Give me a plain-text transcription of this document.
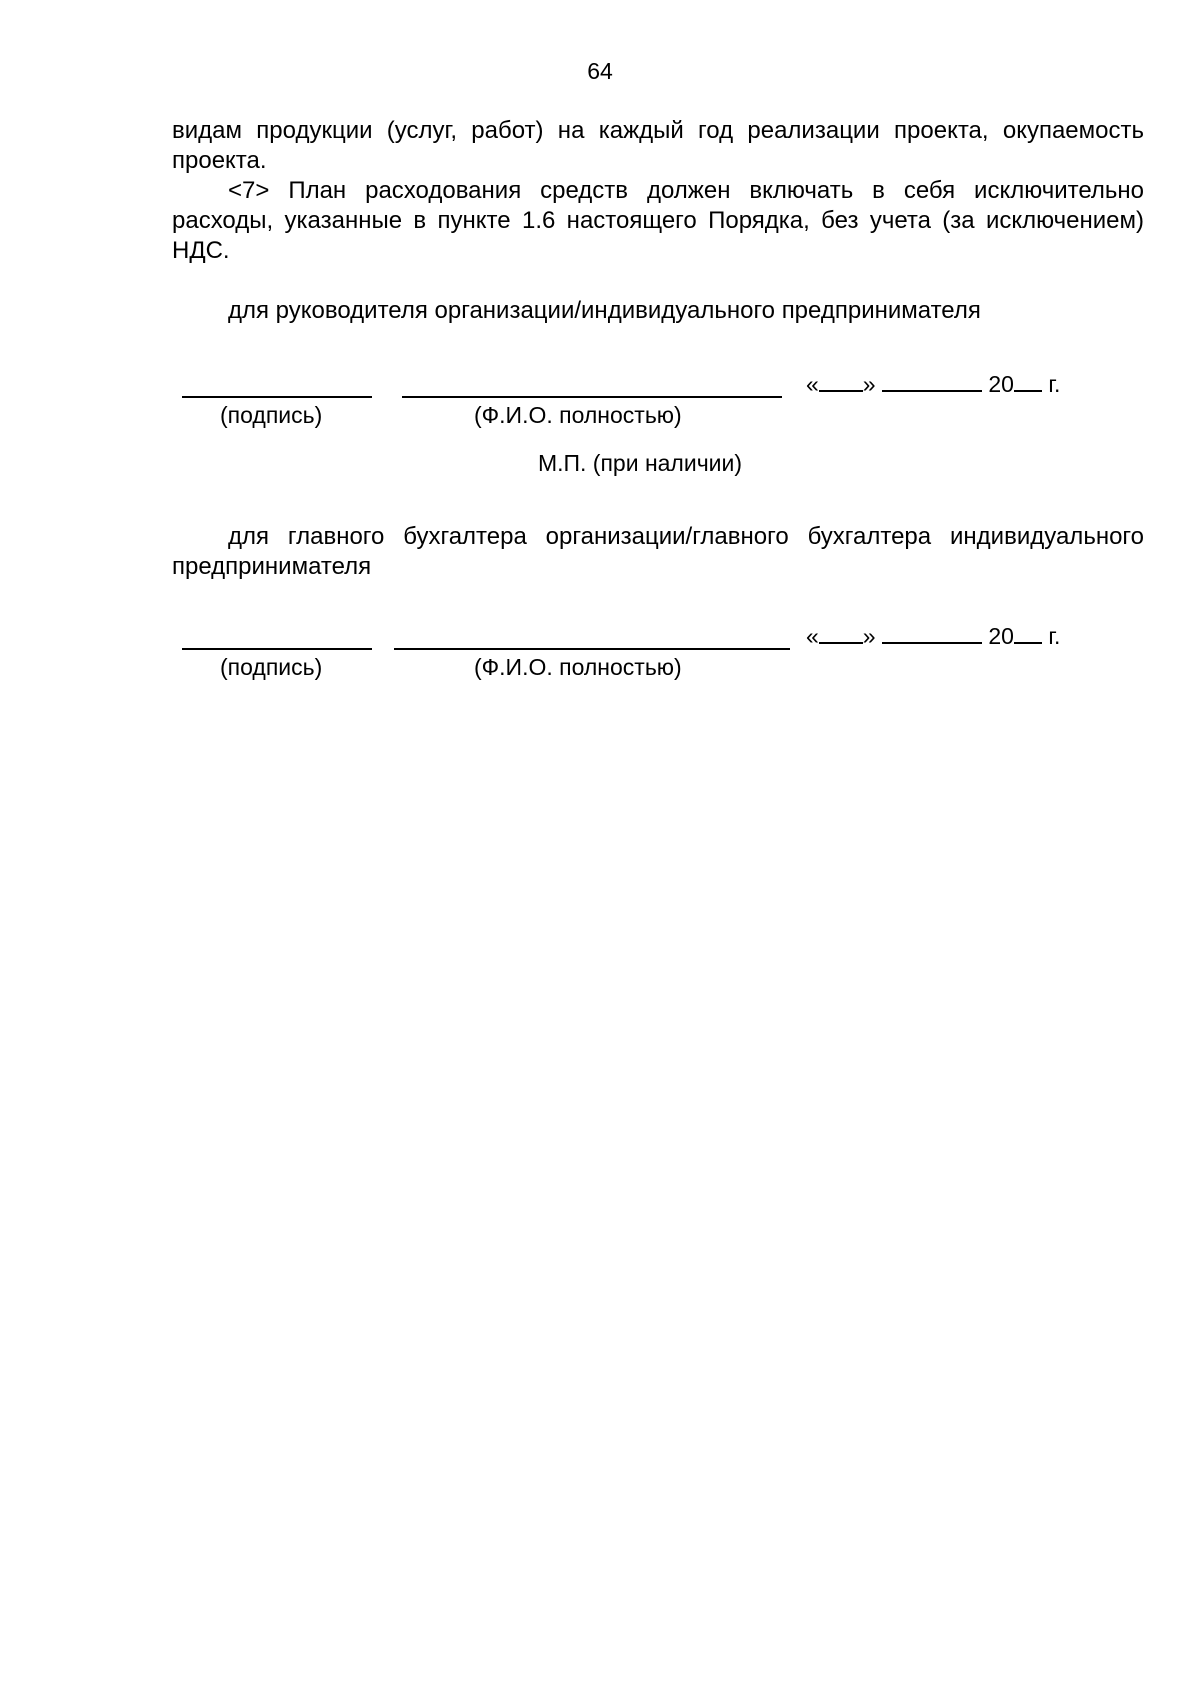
64
видам продукции (услуг, работ) на каждый год реализации проекта, окупаемость проекта.
<7> План расходования средств должен включать в себя исключительно расходы, указанные в пункте 1.6 настоящего Порядка, без учета (за исключением) НДС.
для руководителя организации/индивидуального предпринимателя
(подпись)	(Ф.И.О. полностью)
« »	20 г.
М.П. (при наличии)
для главного бухгалтера организации/главного бухгалтера индивидуального предпринимателя
(подпись)	(Ф.И.О. полностью)
« »	20 г.
